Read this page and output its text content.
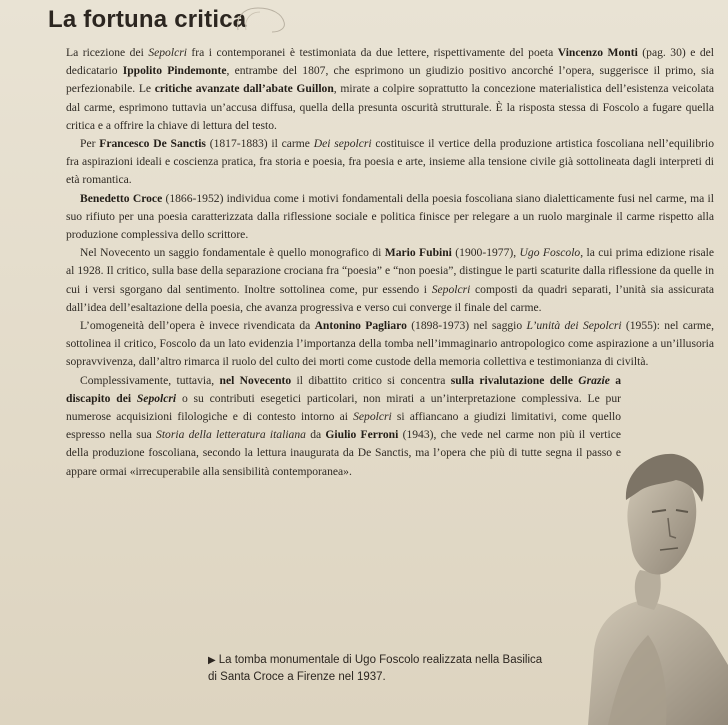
La fortuna critica

La ricezione dei Sepolcri fra i contemporanei è testimoniata da due lettere, rispettivamente del poeta Vincenzo Monti (pag. 30) e del dedicatario Ippolito Pindemonte, entrambe del 1807, che esprimono un giudizio positivo ancorché l’opera, suggerisce il primo, sia perfezionabile. Le critiche avanzate dall’abate Guillon, mirate a colpire soprattutto la concezione materialistica dell’esistenza veicolata dal carme, esprimono tuttavia un’accusa diffusa, quella della presunta oscurità strutturale. È la risposta stessa di Foscolo a fugare quella critica e a offrire la chiave di lettura del testo.

Per Francesco De Sanctis (1817-1883) il carme Dei sepolcri costituisce il vertice della produzione artistica foscoliana nell’equilibrio fra aspirazioni ideali e coscienza pratica, fra storia e poesia, fra poesia e arte, insieme alla tensione civile già sottolineata dagli interpreti di età romantica.

Benedetto Croce (1866-1952) individua come i motivi fondamentali della poesia foscoliana siano dialetticamente fusi nel carme, ma il suo rifiuto per una poesia caratterizzata dalla riflessione sociale e politica finisce per relegare a un ruolo marginale il carme rispetto alla produzione complessiva dello scrittore.

Nel Novecento un saggio fondamentale è quello monografico di Mario Fubini (1900-1977), Ugo Foscolo, la cui prima edizione risale al 1928. Il critico, sulla base della separazione crociana fra “poesia” e “non poesia”, distingue le parti scaturite dalla riflessione da quelle in cui i versi sgorgano dal sentimento. Inoltre sottolinea come, pur essendo i Sepolcri composti da quadri separati, l’unità sia assicurata dall’idea dell’esaltazione della poesia, che avanza progressiva e verso cui converge il finale del carme.

L’omogeneità dell’opera è invece rivendicata da Antonino Pagliaro (1898-1973) nel saggio L’unità dei Sepolcri (1955): nel carme, sottolinea il critico, Foscolo da un lato evidenzia l’importanza della tomba nell’immaginario antropologico come aspirazione a un’illusoria sopravvivenza, dall’altro rimarca il ruolo del culto dei morti come custode della memoria collettiva e testimonianza di civiltà.

Complessivamente, tuttavia, nel Novecento il dibattito critico si concentra sulla rivalutazione delle Grazie a discapito dei Sepolcri o su contributi esegetici particolari, non mirati a un’interpretazione complessiva. Le pur numerose acquisizioni filologiche e di contesto intorno ai Sepolcri si affiancano a giudizi limitativi, come quello espresso nella sua Storia della letteratura italiana da Giulio Ferroni (1943), che vede nel carme non più il vertice della produzione foscoliana, secondo la lettura inaugurata da De Sanctis, ma l’opera che più di tutte segna il passo e appare ormai «irrecuperabile alla sensibilità contemporanea».

▶ La tomba monumentale di Ugo Foscolo realizzata nella Basilica di Santa Croce a Firenze nel 1937.
